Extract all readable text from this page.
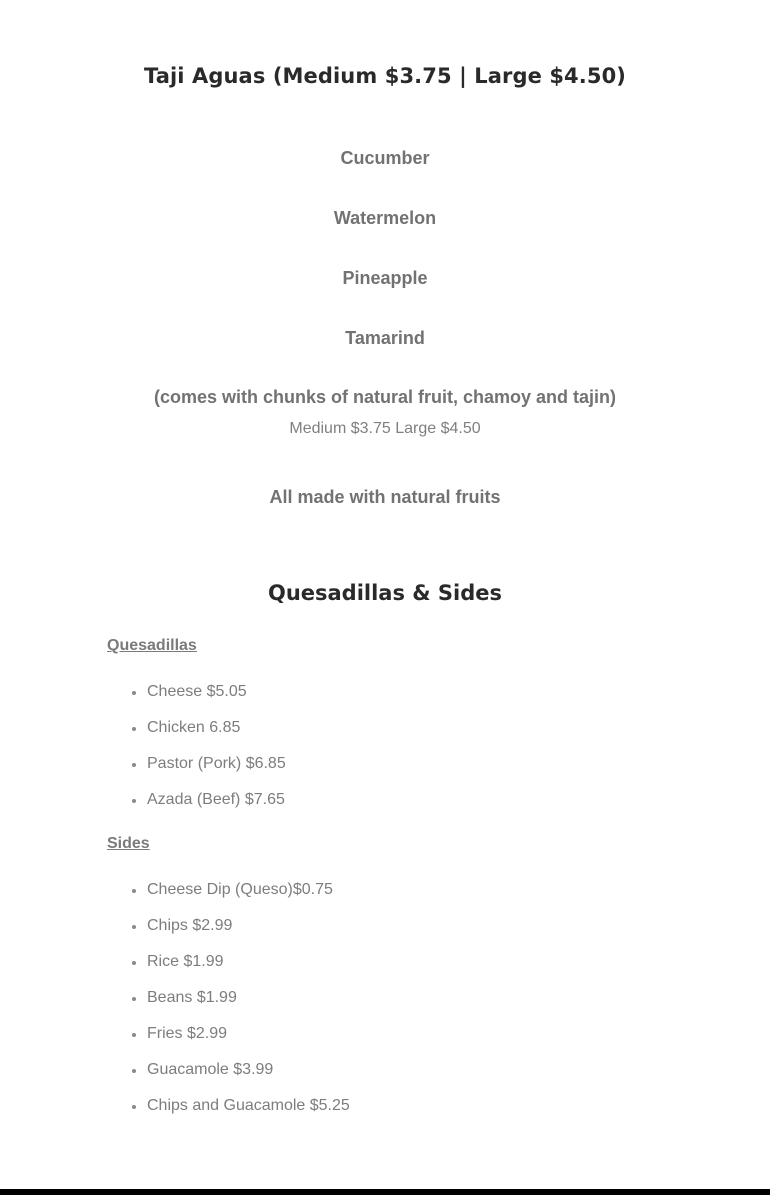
Taji Aguas (Medium $3.75 | Large $4.50)

Cucumber

Watermelon

Pineapple

Tamarind

(comes with chunks of natural fruit, chamoy and tajin)

Medium $3.75 Large $4.50

All made with natural fruits

Quesadillas & Sides

Quesadillas

Cheese $5.05
Chicken 6.85
Pastor (Pork) $6.85
Azada (Beef) $7.65

Sides

Cheese Dip (Queso)$0.75
Chips $2.99
Rice $1.99
Beans $1.99
Fries $2.99
Guacamole $3.99
Chips and Guacamole $5.25
